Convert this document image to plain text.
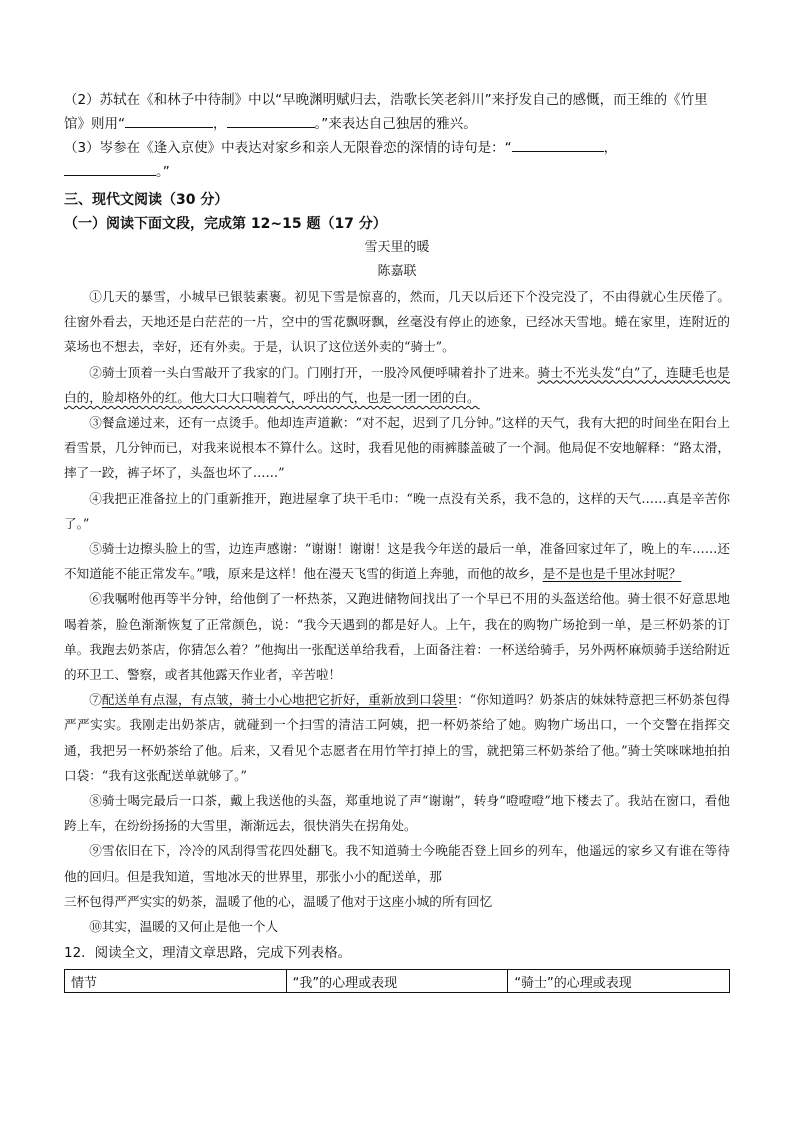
（2）苏轼在《和林子中待制》中以“早晚渊明赋归去，浩歌长笑老斜川”来抒发自己的感慨，而王维的《竹里
馆》则用“	，	。”来表达自己独居的雅兴。
（3）岑参在《逢入京使》中表达对家乡和亲人无限眷恋的深情的诗句是：“	，
。”
三、现代文阅读（30 分）
（一）阅读下面文段，完成第 12~15 题（17 分）
雪天里的暖
陈嘉联

①几天的暴雪，小城早已银装素裹。初见下雪是惊喜的，然而，几天以后还下个没完没了，不由得就心生厌倦了。往窗外看去，天地还是白茫茫的一片，空中的雪花飘呀飘，丝毫没有停止的迹象，已经冰天雪地。蜷在家里，连附近的菜场也不想去，幸好，还有外卖。于是，认识了这位送外卖的“骑士”。

②骑士顶着一头白雪敲开了我家的门。门刚打开，一股冷风便呼啸着扑了进来。骑士不光头发“白”了，连睫毛也是白的，脸却格外的红。他大口大口喘着气，呼出的气，也是一团一团的白。

③餐盒递过来，还有一点烫手。他却连声道歉：“对不起，迟到了几分钟。”这样的天气，我有大把的时间坐在阳台上看雪景，几分钟而已，对我来说根本不算什么。这时，我看见他的雨裤膝盖破了一个洞。他局促不安地解释：“路太滑，摔了一跤，裤子坏了，头盔也坏了……”

④我把正准备拉上的门重新推开，跑进屋拿了块干毛巾：“晚一点没有关系，我不急的，这样的天气……真是辛苦你了。”

⑤骑士边擦头脸上的雪，边连声感谢：“谢谢！谢谢！这是我今年送的最后一单，准备回家过年了，晚上的车……还不知道能不能正常发车。”哦，原来是这样！他在漫天飞雪的街道上奔驰，而他的故乡，是不是也是千里冰封呢？

⑥我嘱咐他再等半分钟，给他倒了一杯热茶，又跑进储物间找出了一个早已不用的头盔送给他。骑士很不好意思地喝着茶，脸色渐渐恢复了正常颜色，说：“我今天遇到的都是好人。上午，我在的购物广场抢到一单，是三杯奶茶的订单。我跑去奶茶店，你猜怎么着？”他掏出一张配送单给我看，上面备注着：一杯送给骑手，另外两杯麻烦骑手送给附近的环卫工、警察，或者其他露天作业者，辛苦啦！

⑦配送单有点湿，有点皱，骑士小心地把它折好，重新放到口袋里：“你知道吗？奶茶店的妹妹特意把三杯奶茶包得严严实实。我刚走出奶茶店，就碰到一个扫雪的清洁工阿姨，把一杯奶茶给了她。购物广场出口，一个交警在指挥交通，我把另一杯奶茶给了他。后来，又看见个志愿者在用竹竿打掉上的雪，就把第三杯奶茶给了他。”骑士笑咪咪地拍拍口袋：“我有这张配送单就够了。”

⑧骑士喝完最后一口茶，戴上我送他的头盔，郑重地说了声“谢谢”，转身“噔噔噔”地下楼去了。我站在窗口，看他跨上车，在纷纷扬扬的大雪里，渐渐远去，很快消失在拐角处。

⑨雪依旧在下，冷冷的风刮得雪花四处翻飞。我不知道骑士今晚能否登上回乡的列车，他遥远的家乡又有谁在等待他的回归。但是我知道，雪地冰天的世界里，那张小小的配送单，那

三杯包得严严实实的奶茶，温暖了他的心，温暖了他对于这座小城的所有回忆

⑩其实，温暖的又何止是他一个人

12．阅读全文，理清文章思路，完成下列表格。
情节	“我”的心理或表现	“骑士”的心理或表现
